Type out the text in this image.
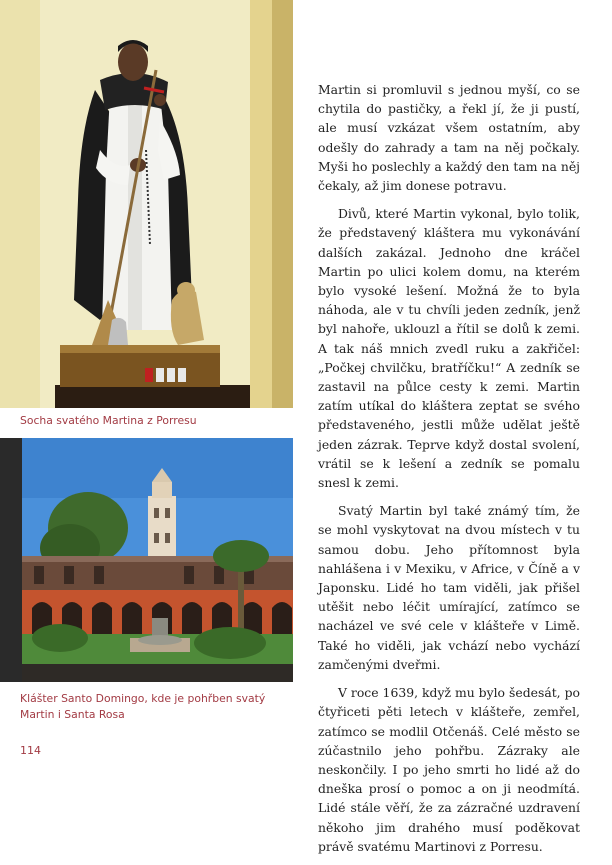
Socha svatého Martina z Porresu

Klášter Santo Domingo, kde je pohřben svatý Martin i Santa Rosa

Martin si promluvil s jednou myší, co se chytila do pastičky, a řekl jí, že ji pustí, ale musí vzkázat všem ostatním, aby odešly do zahrady a tam na něj počkaly. Myši ho poslechly a každý den tam na něj čekaly, až jim donese potravu.

Divů, které Martin vykonal, bylo tolik, že představený kláštera mu vykonávání dalších zakázal. Jednoho dne kráčel Martin po ulici kolem domu, na kterém bylo vysoké lešení. Možná že to byla náhoda, ale v tu chvíli jeden zedník, jenž byl nahoře, uklouzl a řítil se dolů k zemi. A tak náš mnich zvedl ruku a zakřičel: „Počkej chvilčku, bratříčku!“ A zedník se zastavil na půlce cesty k zemi. Martin zatím utíkal do kláštera zeptat se svého představeného, jestli může udělat ještě jeden zázrak. Teprve když dostal svolení, vrátil se k lešení a zedník se pomalu snesl k zemi.

Svatý Martin byl také známý tím, že se mohl vyskytovat na dvou místech v tu samou dobu. Jeho přítomnost byla nahlášena i v Mexiku, v Africe, v Číně a v Japonsku. Lidé ho tam viděli, jak přišel utěšit nebo léčit umírající, zatímco se nacházel ve své cele v klášteře v Limě. Také ho viděli, jak vchází nebo vychází zamčenými dveřmi.

V roce 1639, když mu bylo šedesát, po čtyřiceti pěti letech v klášteře, zemřel, zatímco se modlil Otčenáš. Celé město se zúčastnilo jeho pohřbu. Zázraky ale neskončily. I po jeho smrti ho lidé až do dneška prosí o pomoc a on ji neodmítá. Lidé stále věří, že za zázračné uzdravení někoho jim drahého musí poděkovat právě svatému Martinovi z Porresu.

114
